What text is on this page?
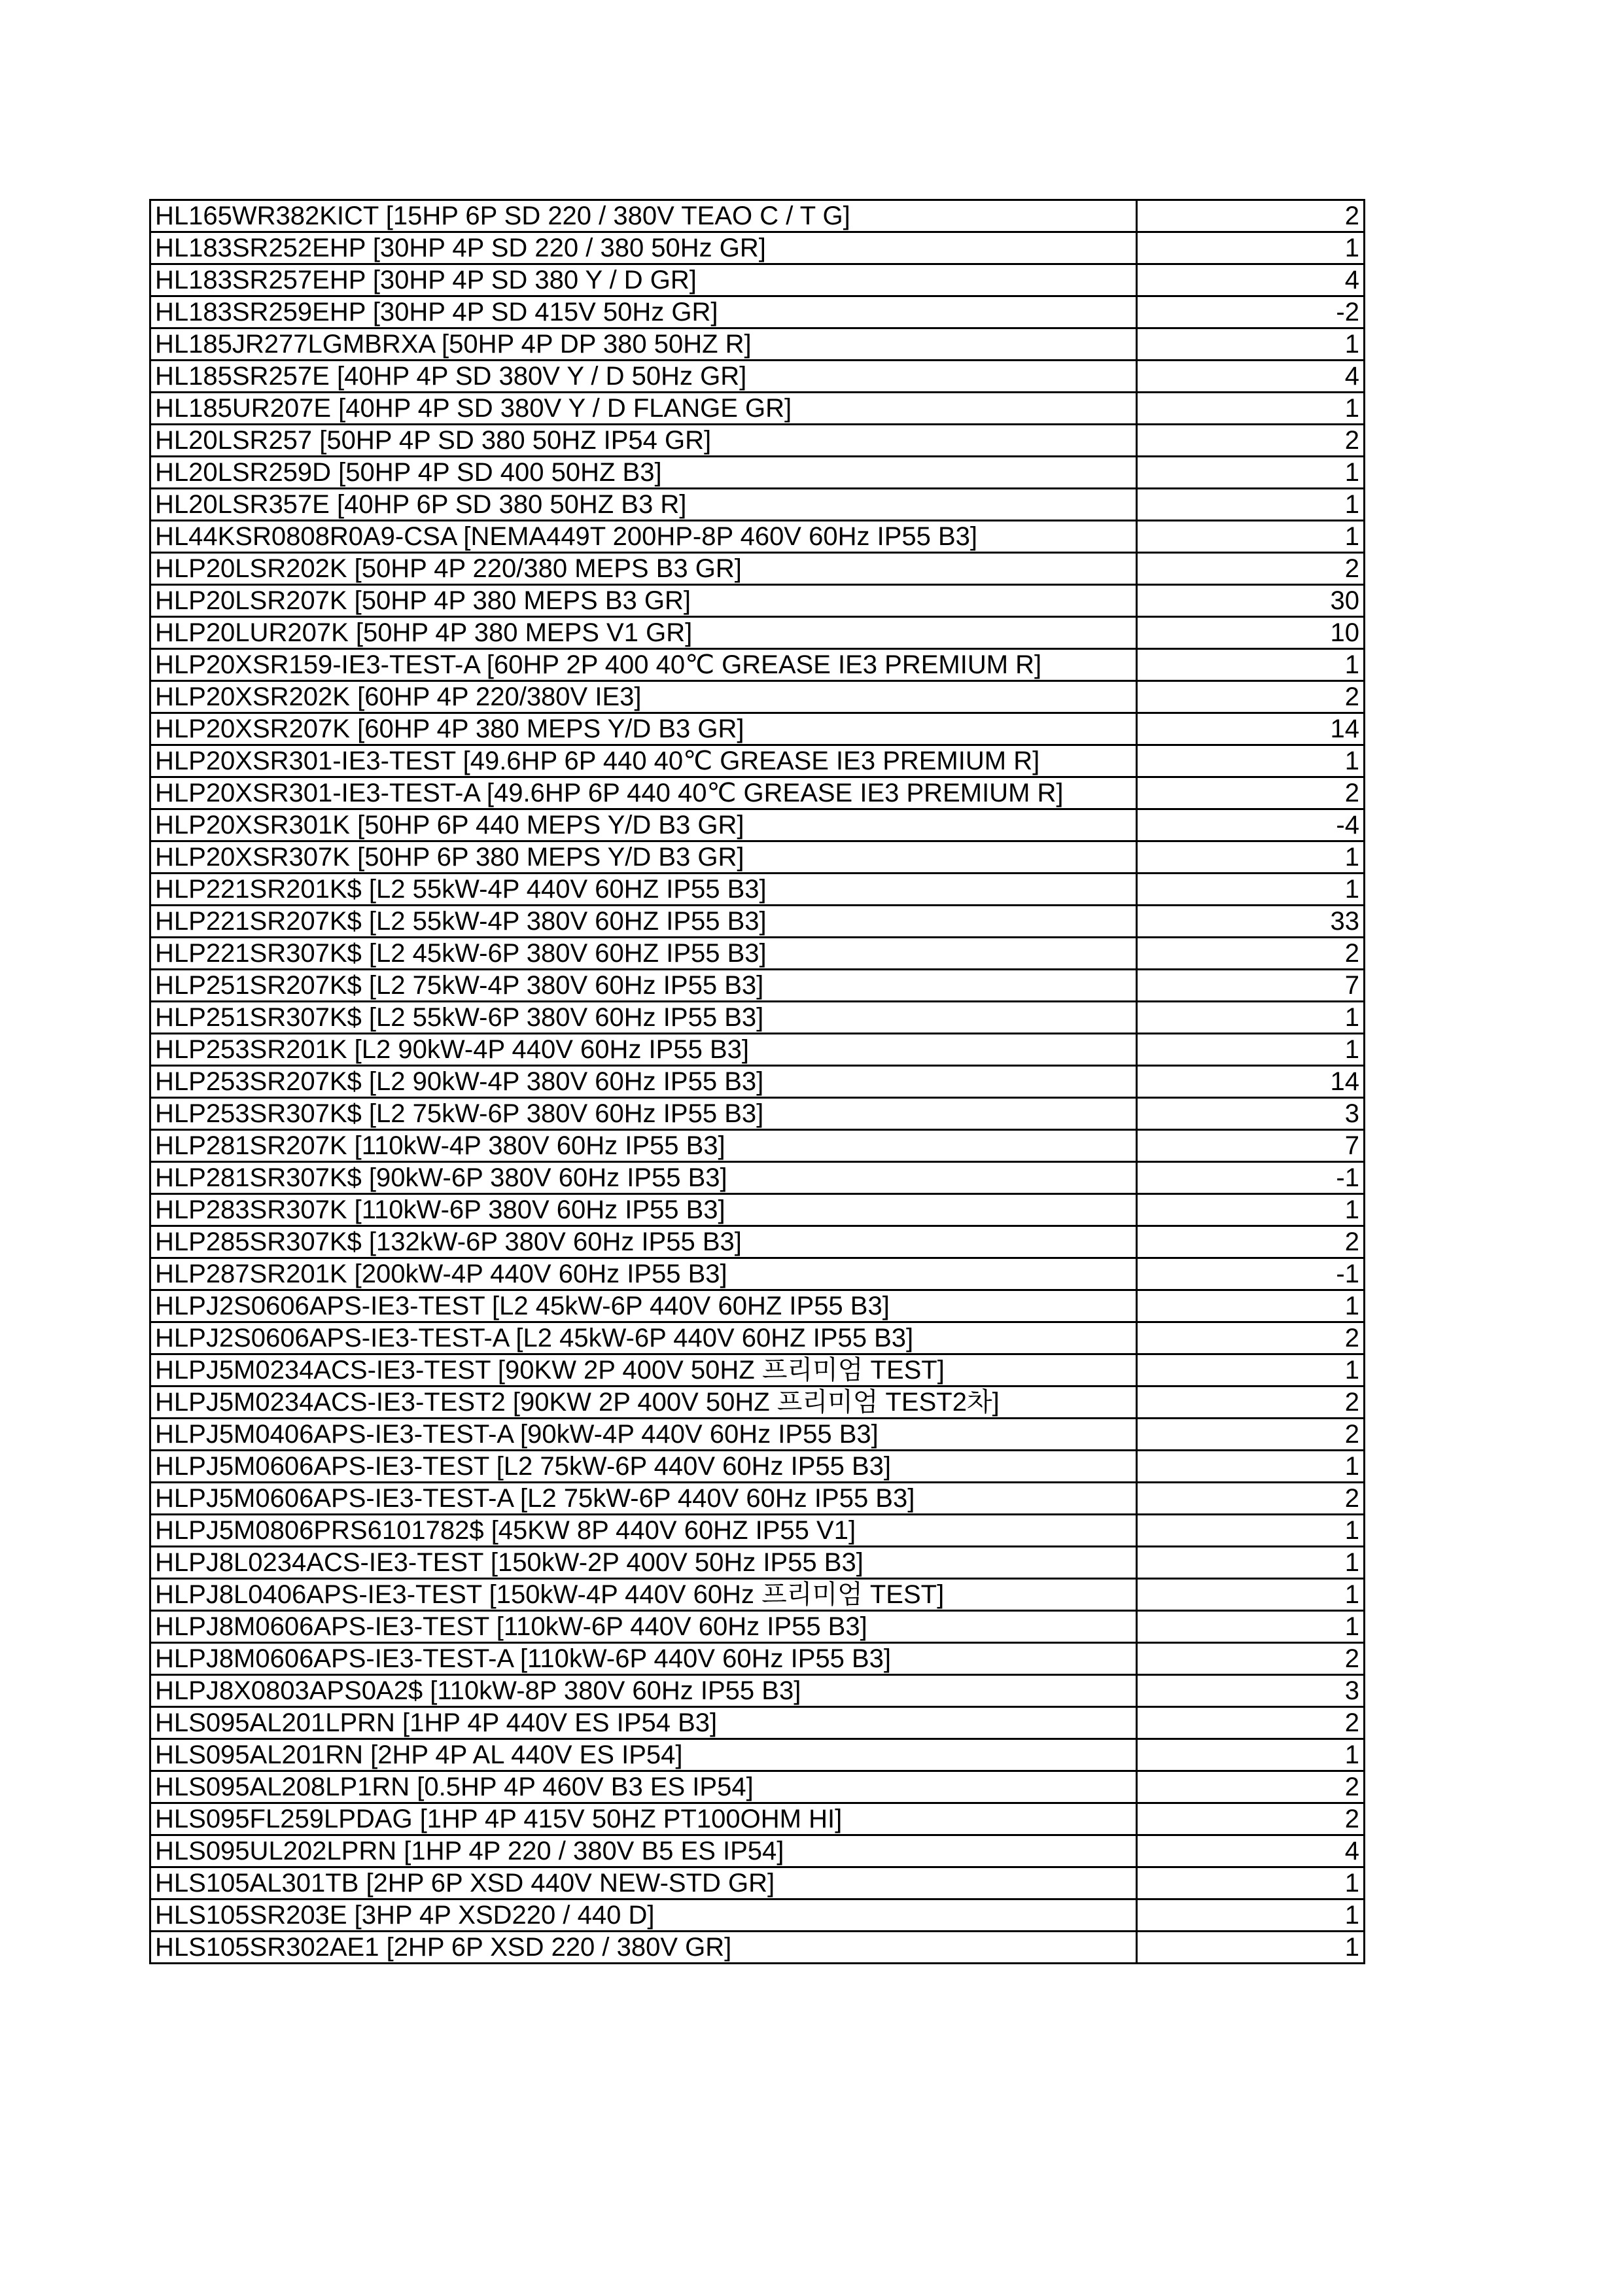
HL165WR382KICT [15HP 6P SD 220 / 380V TEAO C / T G]	2
HL183SR252EHP [30HP 4P SD 220 / 380 50Hz GR]	1
HL183SR257EHP [30HP 4P SD 380 Y / D GR]	4
HL183SR259EHP [30HP 4P SD 415V 50Hz GR]	-2
HL185JR277LGMBRXA [50HP 4P DP 380 50HZ R]	1
HL185SR257E [40HP 4P SD 380V Y / D 50Hz GR]	4
HL185UR207E [40HP 4P SD 380V Y / D FLANGE GR]	1
HL20LSR257 [50HP 4P SD 380 50HZ IP54 GR]	2
HL20LSR259D [50HP 4P SD 400 50HZ B3]	1
HL20LSR357E [40HP 6P SD 380 50HZ B3 R]	1
HL44KSR0808R0A9-CSA [NEMA449T 200HP-8P 460V 60Hz IP55 B3]	1
HLP20LSR202K [50HP 4P 220/380 MEPS B3 GR]	2
HLP20LSR207K [50HP 4P 380 MEPS B3 GR]	30
HLP20LUR207K [50HP 4P 380 MEPS V1 GR]	10
HLP20XSR159-IE3-TEST-A [60HP 2P 400 40℃ GREASE IE3 PREMIUM R]	1
HLP20XSR202K [60HP 4P 220/380V IE3]	2
HLP20XSR207K [60HP 4P 380 MEPS Y/D B3 GR]	14
HLP20XSR301-IE3-TEST [49.6HP 6P 440 40℃ GREASE IE3 PREMIUM R]	1
HLP20XSR301-IE3-TEST-A [49.6HP 6P 440 40℃ GREASE IE3 PREMIUM R]	2
HLP20XSR301K [50HP 6P 440 MEPS Y/D B3 GR]	-4
HLP20XSR307K [50HP 6P 380 MEPS Y/D B3 GR]	1
HLP221SR201K$ [L2 55kW-4P 440V 60HZ IP55 B3]	1
HLP221SR207K$ [L2 55kW-4P 380V 60HZ IP55 B3]	33
HLP221SR307K$ [L2 45kW-6P 380V 60HZ IP55 B3]	2
HLP251SR207K$ [L2 75kW-4P 380V 60Hz IP55 B3]	7
HLP251SR307K$ [L2 55kW-6P 380V 60Hz IP55 B3]	1
HLP253SR201K [L2 90kW-4P 440V 60Hz IP55 B3]	1
HLP253SR207K$ [L2 90kW-4P 380V 60Hz IP55 B3]	14
HLP253SR307K$ [L2 75kW-6P 380V 60Hz IP55 B3]	3
HLP281SR207K [110kW-4P 380V 60Hz IP55 B3]	7
HLP281SR307K$ [90kW-6P 380V 60Hz IP55 B3]	-1
HLP283SR307K [110kW-6P 380V 60Hz IP55 B3]	1
HLP285SR307K$ [132kW-6P 380V 60Hz IP55 B3]	2
HLP287SR201K [200kW-4P 440V 60Hz IP55 B3]	-1
HLPJ2S0606APS-IE3-TEST [L2 45kW-6P 440V 60HZ IP55 B3]	1
HLPJ2S0606APS-IE3-TEST-A [L2 45kW-6P 440V 60HZ IP55 B3]	2
HLPJ5M0234ACS-IE3-TEST [90KW 2P 400V 50HZ 프리미엄 TEST]	1
HLPJ5M0234ACS-IE3-TEST2 [90KW 2P 400V 50HZ 프리미엄 TEST2차]	2
HLPJ5M0406APS-IE3-TEST-A [90kW-4P 440V 60Hz IP55 B3]	2
HLPJ5M0606APS-IE3-TEST [L2 75kW-6P 440V 60Hz IP55 B3]	1
HLPJ5M0606APS-IE3-TEST-A [L2 75kW-6P 440V 60Hz IP55 B3]	2
HLPJ5M0806PRS6101782$ [45KW 8P 440V 60HZ IP55 V1]	1
HLPJ8L0234ACS-IE3-TEST [150kW-2P 400V 50Hz IP55 B3]	1
HLPJ8L0406APS-IE3-TEST [150kW-4P 440V 60Hz 프리미엄 TEST]	1
HLPJ8M0606APS-IE3-TEST [110kW-6P 440V 60Hz IP55 B3]	1
HLPJ8M0606APS-IE3-TEST-A [110kW-6P 440V 60Hz IP55 B3]	2
HLPJ8X0803APS0A2$ [110kW-8P 380V 60Hz IP55 B3]	3
HLS095AL201LPRN [1HP 4P 440V ES IP54 B3]	2
HLS095AL201RN [2HP 4P AL 440V ES IP54]	1
HLS095AL208LP1RN [0.5HP 4P 460V B3 ES IP54]	2
HLS095FL259LPDAG [1HP 4P 415V 50HZ PT100OHM HI]	2
HLS095UL202LPRN [1HP 4P 220 / 380V B5 ES IP54]	4
HLS105AL301TB [2HP 6P XSD 440V NEW-STD GR]	1
HLS105SR203E [3HP 4P XSD220 / 440 D]	1
HLS105SR302AE1 [2HP 6P XSD 220 / 380V GR]	1
